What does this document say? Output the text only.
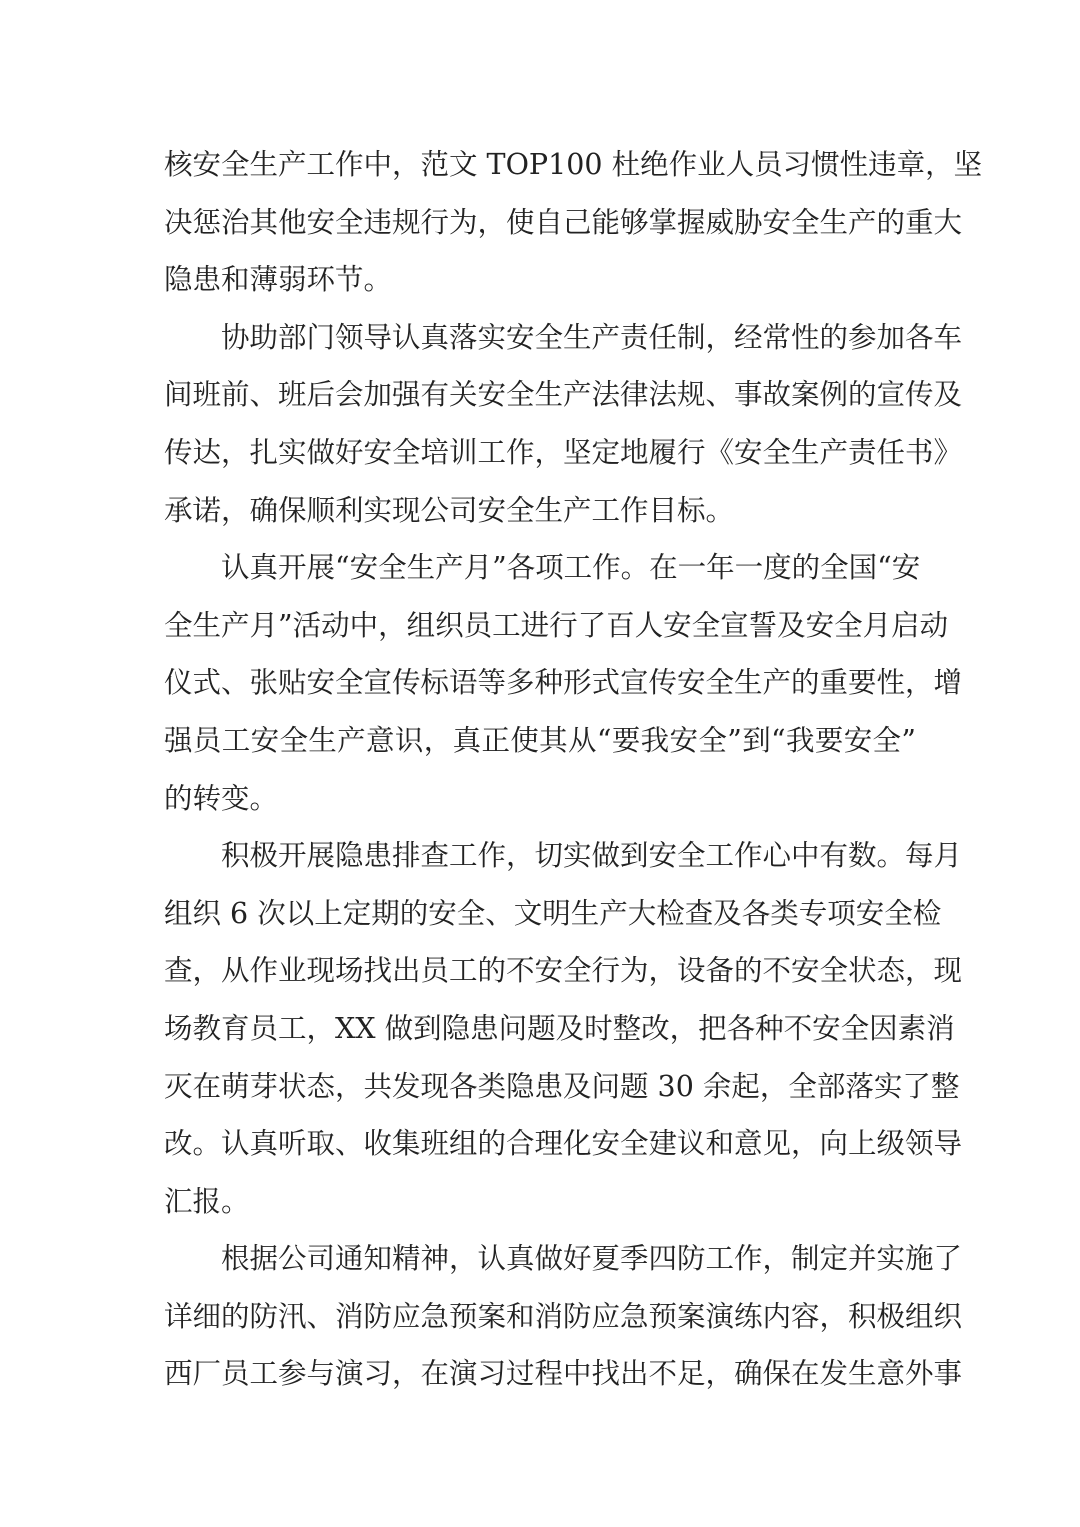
核安全生产工作中，范文 TOP100 杜绝作业人员习惯性违章，坚
决惩治其他安全违规行为，使自己能够掌握威胁安全生产的重大
隐患和薄弱环节。
协助部门领导认真落实安全生产责任制，经常性的参加各车
间班前、班后会加强有关安全生产法律法规、事故案例的宣传及
传达，扎实做好安全培训工作，坚定地履行《安全生产责任书》
承诺，确保顺利实现公司安全生产工作目标。
认真开展“安全生产月”各项工作。在一年一度的全国“安
全生产月”活动中，组织员工进行了百人安全宣誓及安全月启动
仪式、张贴安全宣传标语等多种形式宣传安全生产的重要性，增
强员工安全生产意识，真正使其从“要我安全”到“我要安全”
的转变。
积极开展隐患排查工作，切实做到安全工作心中有数。每月
组织 6 次以上定期的安全、文明生产大检查及各类专项安全检
查，从作业现场找出员工的不安全行为，设备的不安全状态，现
场教育员工，XX 做到隐患问题及时整改，把各种不安全因素消
灭在萌芽状态，共发现各类隐患及问题 30 余起，全部落实了整
改。认真听取、收集班组的合理化安全建议和意见，向上级领导
汇报。
根据公司通知精神，认真做好夏季四防工作，制定并实施了
详细的防汛、消防应急预案和消防应急预案演练内容，积极组织
西厂员工参与演习，在演习过程中找出不足，确保在发生意外事
